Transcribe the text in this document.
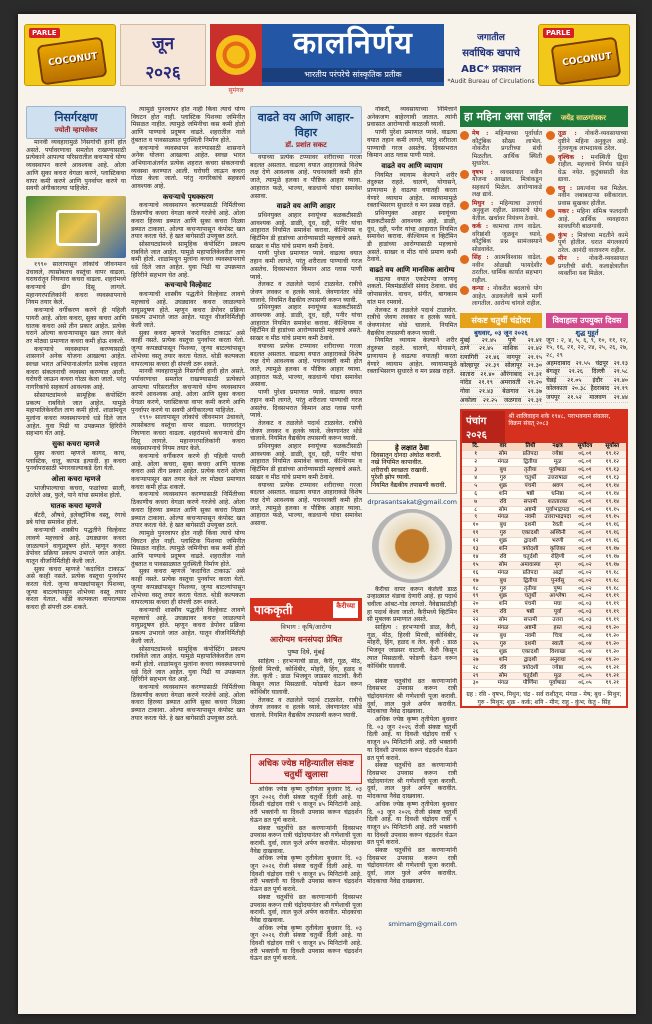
PARLE
COCONUT
जून
२०२६
कालनिर्णय
भारतीय परंपरेचे सांस्कृतिक प्रतीक
सुमंगल
जगातील
सर्वाधिक खपाचे
ABC* प्रकाशन
*Audit Bureau of Circulations
PARLE
COCONUT
निसर्गरक्षण
ज्योती म्हापसेकर

मानवी व्यवहारामुळे निसर्गाची हानी होत असते. पर्यावरणाचा समतोल राखण्यासाठी प्रत्येकाने आपल्या परिसरातील कचऱ्याचे योग्य व्यवस्थापन करणे आवश्यक आहे. ओला आणि सुका कचरा वेगळा करणे, प्लास्टिकचा वापर कमी करणे आणि पुनर्वापर करणे या सवयी अंगीकारल्या पाहिजेत.

१९९० सालापासून लोकांचे जीवनमान उंचावले, त्यासोबतच वस्तूंचा वापर वाढला. घराघरांतून निघणारा कचरा वाढला. शहरांमध्ये कचऱ्याचे ढीग दिसू लागले. महानगरपालिकांनी कचरा व्यवस्थापनाचे नियम तयार केले.

कचऱ्याचे वर्गीकरण करणे ही पहिली पायरी आहे. ओला कचरा, सुका कचरा आणि घातक कचरा असे तीन प्रकार आहेत. प्रत्येक घराने ओल्या कचऱ्यापासून खत तयार केले तर मोठ्या प्रमाणात कचरा कमी होऊ शकतो.

कचऱ्याचे व्यवस्थापन करण्यासाठी शासनाने अनेक योजना आखल्या आहेत. स्वच्छ भारत अभियानाअंतर्गत प्रत्येक शहरात कचरा संकलनाची व्यवस्था करण्यात आली. घरोघरी जाऊन कचरा गोळा केला जातो. परंतु नागरिकांचे सहकार्य आवश्यक आहे.

सोसायट्यांमध्ये सामूहिक कंपोस्टिंग प्रकल्प राबविले जात आहेत. यामुळे महापालिकेवरील ताण कमी होतो. शाळांमधून मुलांना कचरा व्यवस्थापनाचे धडे दिले जात आहेत. युवा पिढी या उपक्रमात हिरिरीने सहभाग घेत आहे.

सुका कचरा म्हणजे

सुका कचरा म्हणजे कागद, काच, प्लास्टिक, धातू, कापड इत्यादी. हा कचरा पुनर्वापरासाठी भंगारवाल्याकडे देता येतो.

ओला कचरा म्हणजे

भाजीपाल्याचा कचरा, फळांच्या साली, उरलेले अन्न, फुले, पाने यांचा समावेश होतो.

घातक कचरा म्हणजे

बॅटरी, औषधे, इलेक्ट्रॉनिक वस्तू, रंगाचे डबे यांचा समावेश होतो.

कचऱ्याची शास्त्रीय पद्धतीने विल्हेवाट लावणे महत्त्वाचे आहे. उघड्यावर कचरा जाळल्याने वायुप्रदूषण होते. म्हणून कचरा डेपोवर प्रक्रिया प्रकल्प उभारले जात आहेत. यातून वीजनिर्मितीही केली जाते.

सुका कचरा म्हणजे 'कदाचित टाकाऊ' असे काही नसते. प्रत्येक वस्तूचा पुनर्वापर करता येतो. जुन्या कपड्यांपासून पिशव्या, जुन्या बाटल्यांपासून शोभेच्या वस्तू तयार करता येतात. थोडी कल्पकता वापरल्यास कचरा ही संपत्ती ठरू शकते.

त्यामुळे पुनरवापर होत नाही किंवा त्याचे योग्य विघटन होत नाही. प्लास्टिक पिशव्या जमिनीत मिसळत नाहीत. त्यामुळे जमिनीचा कस कमी होतो आणि पाण्याचे प्रदूषण वाढते. शहरातील नाले तुंबतात व पावसाळ्यात पूरस्थिती निर्माण होते.

कचऱ्याचे व्यवस्थापन करण्यासाठी शासनाने अनेक योजना आखल्या आहेत. स्वच्छ भारत अभियानाअंतर्गत प्रत्येक शहरात कचरा संकलनाची व्यवस्था करण्यात आली. घरोघरी जाऊन कचरा गोळा केला जातो. परंतु नागरिकांचे सहकार्य आवश्यक आहे.

कचऱ्याचे पृथक्करण

कचऱ्याचे व्यवस्थापन करण्यासाठी निर्मितीच्या ठिकाणीच कचरा वेगळा करणे गरजेचे आहे. ओला कचरा हिरव्या डब्यात आणि सुका कचरा निळ्या डब्यात टाकावा. ओल्या कचऱ्यापासून कंपोस्ट खत तयार करता येते. हे खत बागेसाठी उपयुक्त ठरते.

सोसायट्यांमध्ये सामूहिक कंपोस्टिंग प्रकल्प राबविले जात आहेत. यामुळे महापालिकेवरील ताण कमी होतो. शाळांमधून मुलांना कचरा व्यवस्थापनाचे धडे दिले जात आहेत. युवा पिढी या उपक्रमात हिरिरीने सहभाग घेत आहे.

कचऱ्याचे विल्हेवाट

कचऱ्याची शास्त्रीय पद्धतीने विल्हेवाट लावणे महत्त्वाचे आहे. उघड्यावर कचरा जाळल्याने वायुप्रदूषण होते. म्हणून कचरा डेपोवर प्रक्रिया प्रकल्प उभारले जात आहेत. यातून वीजनिर्मितीही केली जाते.

सुका कचरा म्हणजे 'कदाचित टाकाऊ' असे काही नसते. प्रत्येक वस्तूचा पुनर्वापर करता येतो. जुन्या कपड्यांपासून पिशव्या, जुन्या बाटल्यांपासून शोभेच्या वस्तू तयार करता येतात. थोडी कल्पकता वापरल्यास कचरा ही संपत्ती ठरू शकते.

मानवी व्यवहारामुळे निसर्गाची हानी होत असते. पर्यावरणाचा समतोल राखण्यासाठी प्रत्येकाने आपल्या परिसरातील कचऱ्याचे योग्य व्यवस्थापन करणे आवश्यक आहे. ओला आणि सुका कचरा वेगळा करणे, प्लास्टिकचा वापर कमी करणे आणि पुनर्वापर करणे या सवयी अंगीकारल्या पाहिजेत.

१९९० सालापासून लोकांचे जीवनमान उंचावले, त्यासोबतच वस्तूंचा वापर वाढला. घराघरांतून निघणारा कचरा वाढला. शहरांमध्ये कचऱ्याचे ढीग दिसू लागले. महानगरपालिकांनी कचरा व्यवस्थापनाचे नियम तयार केले.

कचऱ्याचे वर्गीकरण करणे ही पहिली पायरी आहे. ओला कचरा, सुका कचरा आणि घातक कचरा असे तीन प्रकार आहेत. प्रत्येक घराने ओल्या कचऱ्यापासून खत तयार केले तर मोठ्या प्रमाणात कचरा कमी होऊ शकतो.

कचऱ्याचे व्यवस्थापन करण्यासाठी निर्मितीच्या ठिकाणीच कचरा वेगळा करणे गरजेचे आहे. ओला कचरा हिरव्या डब्यात आणि सुका कचरा निळ्या डब्यात टाकावा. ओल्या कचऱ्यापासून कंपोस्ट खत तयार करता येते. हे खत बागेसाठी उपयुक्त ठरते.

त्यामुळे पुनरवापर होत नाही किंवा त्याचे योग्य विघटन होत नाही. प्लास्टिक पिशव्या जमिनीत मिसळत नाहीत. त्यामुळे जमिनीचा कस कमी होतो आणि पाण्याचे प्रदूषण वाढते. शहरातील नाले तुंबतात व पावसाळ्यात पूरस्थिती निर्माण होते.

सुका कचरा म्हणजे 'कदाचित टाकाऊ' असे काही नसते. प्रत्येक वस्तूचा पुनर्वापर करता येतो. जुन्या कपड्यांपासून पिशव्या, जुन्या बाटल्यांपासून शोभेच्या वस्तू तयार करता येतात. थोडी कल्पकता वापरल्यास कचरा ही संपत्ती ठरू शकते.

कचऱ्याची शास्त्रीय पद्धतीने विल्हेवाट लावणे महत्त्वाचे आहे. उघड्यावर कचरा जाळल्याने वायुप्रदूषण होते. म्हणून कचरा डेपोवर प्रक्रिया प्रकल्प उभारले जात आहेत. यातून वीजनिर्मितीही केली जाते.

सोसायट्यांमध्ये सामूहिक कंपोस्टिंग प्रकल्प राबविले जात आहेत. यामुळे महापालिकेवरील ताण कमी होतो. शाळांमधून मुलांना कचरा व्यवस्थापनाचे धडे दिले जात आहेत. युवा पिढी या उपक्रमात हिरिरीने सहभाग घेत आहे.

कचऱ्याचे व्यवस्थापन करण्यासाठी निर्मितीच्या ठिकाणीच कचरा वेगळा करणे गरजेचे आहे. ओला कचरा हिरव्या डब्यात आणि सुका कचरा निळ्या डब्यात टाकावा. ओल्या कचऱ्यापासून कंपोस्ट खत तयार करता येते. हे खत बागेसाठी उपयुक्त ठरते.

वाढते वय आणि आहार-विहार
डॉ. प्रशांत सकट

वयाच्या प्रत्येक टप्प्यावर शरीराच्या गरजा बदलत असतात. वाढत्या वयात आहाराकडे विशेष लक्ष देणे आवश्यक आहे. पचनशक्ती कमी होत जाते, त्यामुळे हलका व पौष्टिक आहार घ्यावा. आहारात फळे, भाज्या, कडधान्ये यांचा समावेश असावा.

वाढते वय आणि आहार

प्रथिनयुक्त आहार स्नायूंच्या बळकटीसाठी आवश्यक आहे. डाळी, दूध, दही, पनीर यांचा आहारात नियमित समावेश करावा. कॅल्शियम व व्हिटॅमिन डी हाडांच्या आरोग्यासाठी महत्त्वाचे असते. साखर व मीठ यांचे प्रमाण कमी ठेवावे.

पाणी पुरेशा प्रमाणात प्यावे. वाढत्या वयात तहान कमी लागते, परंतु शरीराला पाण्याची गरज असतेच. दिवसभरात किमान आठ ग्लास पाणी प्यावे.

तेलकट व तळलेले पदार्थ टाळावेत. रात्रीचे जेवण लवकर व हलके घ्यावे. जेवणानंतर थोडे चालावे. नियमित वैद्यकीय तपासणी करून घ्यावी.

प्रथिनयुक्त आहार स्नायूंच्या बळकटीसाठी आवश्यक आहे. डाळी, दूध, दही, पनीर यांचा आहारात नियमित समावेश करावा. कॅल्शियम व व्हिटॅमिन डी हाडांच्या आरोग्यासाठी महत्त्वाचे असते. साखर व मीठ यांचे प्रमाण कमी ठेवावे.

वयाच्या प्रत्येक टप्प्यावर शरीराच्या गरजा बदलत असतात. वाढत्या वयात आहाराकडे विशेष लक्ष देणे आवश्यक आहे. पचनशक्ती कमी होत जाते, त्यामुळे हलका व पौष्टिक आहार घ्यावा. आहारात फळे, भाज्या, कडधान्ये यांचा समावेश असावा.

पाणी पुरेशा प्रमाणात प्यावे. वाढत्या वयात तहान कमी लागते, परंतु शरीराला पाण्याची गरज असतेच. दिवसभरात किमान आठ ग्लास पाणी प्यावे.

तेलकट व तळलेले पदार्थ टाळावेत. रात्रीचे जेवण लवकर व हलके घ्यावे. जेवणानंतर थोडे चालावे. नियमित वैद्यकीय तपासणी करून घ्यावी.

प्रथिनयुक्त आहार स्नायूंच्या बळकटीसाठी आवश्यक आहे. डाळी, दूध, दही, पनीर यांचा आहारात नियमित समावेश करावा. कॅल्शियम व व्हिटॅमिन डी हाडांच्या आरोग्यासाठी महत्त्वाचे असते. साखर व मीठ यांचे प्रमाण कमी ठेवावे.

वयाच्या प्रत्येक टप्प्यावर शरीराच्या गरजा बदलत असतात. वाढत्या वयात आहाराकडे विशेष लक्ष देणे आवश्यक आहे. पचनशक्ती कमी होत जाते, त्यामुळे हलका व पौष्टिक आहार घ्यावा. आहारात फळे, भाज्या, कडधान्ये यांचा समावेश असावा.

पाककृती	कैरीच्या
विभाग : कृषि/आरोग्य
आरोग्यम धनसंपदा प्रेषित
पुष्पा दिघे, मुंबई

साहित्य : हरभऱ्याची डाळ, कैरी, गूळ, मीठ, हिरवी मिरची, कोथिंबीर, मोहरी, हिंग, हळद व तेल. कृती : डाळ भिजवून जाडसर वाटावी. कैरी किसून त्यात मिसळावी. फोडणी देऊन वरून कोथिंबीर घालावी.

तेलकट व तळलेले पदार्थ टाळावेत. रात्रीचे जेवण लवकर व हलके घ्यावे. जेवणानंतर थोडे चालावे. नियमित वैद्यकीय तपासणी करून घ्यावी.

अधिक ज्येष्ठ महिन्यातील संकष्ट चतुर्थी खुलासा

अधिक ज्येष्ठ कृष्ण तृतीयेला बुधवार दि. ०३ जून २०२६ रोजी संकष्ट चतुर्थी दिली आहे. या दिवशी चंद्रोदय रात्री ९ वाजून ४५ मिनिटांनी आहे. तरी भक्तांनी या दिवशी उपवास करून चंद्रदर्शन घेऊन व्रत पूर्ण करावे.

संकष्ट चतुर्थीचे व्रत करणाऱ्यांनी दिवसभर उपवास करून रात्री चंद्रोदयानंतर श्री गणेशाची पूजा करावी. दुर्वा, लाल फुले अर्पण करावीत. मोदकाचा नैवेद्य दाखवावा.

अधिक ज्येष्ठ कृष्ण तृतीयेला बुधवार दि. ०३ जून २०२६ रोजी संकष्ट चतुर्थी दिली आहे. या दिवशी चंद्रोदय रात्री ९ वाजून ४५ मिनिटांनी आहे. तरी भक्तांनी या दिवशी उपवास करून चंद्रदर्शन घेऊन व्रत पूर्ण करावे.

संकष्ट चतुर्थीचे व्रत करणाऱ्यांनी दिवसभर उपवास करून रात्री चंद्रोदयानंतर श्री गणेशाची पूजा करावी. दुर्वा, लाल फुले अर्पण करावीत. मोदकाचा नैवेद्य दाखवावा.

अधिक ज्येष्ठ कृष्ण तृतीयेला बुधवार दि. ०३ जून २०२६ रोजी संकष्ट चतुर्थी दिली आहे. या दिवशी चंद्रोदय रात्री ९ वाजून ४५ मिनिटांनी आहे. तरी भक्तांनी या दिवशी उपवास करून चंद्रदर्शन घेऊन व्रत पूर्ण करावे.

नोकरी, व्यवसायाच्या निमित्ताने अनेकजण बाहेरगावी जातात. त्यांनी प्रवासात आरोग्याची काळजी घ्यावी.

पाणी पुरेशा प्रमाणात प्यावे. वाढत्या वयात तहान कमी लागते, परंतु शरीराला पाण्याची गरज असतेच. दिवसभरात किमान आठ ग्लास पाणी प्यावे.

वाढते वय आणि व्यायाम

नियमित व्यायाम केल्याने शरीर तंदुरुस्त राहते. चालणे, योगासने, प्राणायाम हे वाढत्या वयातही करता येणारे व्यायाम आहेत. व्यायामामुळे रक्ताभिसरण सुधारते व मन प्रसन्न राहते.

प्रथिनयुक्त आहार स्नायूंच्या बळकटीसाठी आवश्यक आहे. डाळी, दूध, दही, पनीर यांचा आहारात नियमित समावेश करावा. कॅल्शियम व व्हिटॅमिन डी हाडांच्या आरोग्यासाठी महत्त्वाचे असते. साखर व मीठ यांचे प्रमाण कमी ठेवावे.

वाढते वय आणि मानसिक आरोग्य

वाढत्या वयात एकटेपणा जाणवू शकतो. मित्रमंडळींशी संवाद ठेवावा. छंद जोपासावेत. वाचन, संगीत, बागकाम यांत मन रमवावे.

तेलकट व तळलेले पदार्थ टाळावेत. रात्रीचे जेवण लवकर व हलके घ्यावे. जेवणानंतर थोडे चालावे. नियमित वैद्यकीय तपासणी करून घ्यावी.

नियमित व्यायाम केल्याने शरीर तंदुरुस्त राहते. चालणे, योगासने, प्राणायाम हे वाढत्या वयातही करता येणारे व्यायाम आहेत. व्यायामामुळे रक्ताभिसरण सुधारते व मन प्रसन्न राहते.

हे लक्षात ठेवा
दिवसातून दोनदा अंघोळ करावी.
नखे नियमित कापावीत.
शरीराची स्वच्छता राखावी.
पुरेशी झोप घ्यावी.
नियमित वैद्यकीय तपासणी करावी.
drprasantsakat@gmail.com

कैरीचा वापर करून केलेली डाळ उन्हाळ्यात थंडावा देणारी आहे. हा पदार्थ चवीला आंबट-गोड लागतो. नैवेद्यासाठीही हा पदार्थ केला जातो. कैरीमध्ये व्हिटॅमिन सी मुबलक प्रमाणात असते.

साहित्य : हरभऱ्याची डाळ, कैरी, गूळ, मीठ, हिरवी मिरची, कोथिंबीर, मोहरी, हिंग, हळद व तेल. कृती : डाळ भिजवून जाडसर वाटावी. कैरी किसून त्यात मिसळावी. फोडणी देऊन वरून कोथिंबीर घालावी.

संकष्ट चतुर्थीचे व्रत करणाऱ्यांनी दिवसभर उपवास करून रात्री चंद्रोदयानंतर श्री गणेशाची पूजा करावी. दुर्वा, लाल फुले अर्पण करावीत. मोदकाचा नैवेद्य दाखवावा.

अधिक ज्येष्ठ कृष्ण तृतीयेला बुधवार दि. ०३ जून २०२६ रोजी संकष्ट चतुर्थी दिली आहे. या दिवशी चंद्रोदय रात्री ९ वाजून ४५ मिनिटांनी आहे. तरी भक्तांनी या दिवशी उपवास करून चंद्रदर्शन घेऊन व्रत पूर्ण करावे.

संकष्ट चतुर्थीचे व्रत करणाऱ्यांनी दिवसभर उपवास करून रात्री चंद्रोदयानंतर श्री गणेशाची पूजा करावी. दुर्वा, लाल फुले अर्पण करावीत. मोदकाचा नैवेद्य दाखवावा.

अधिक ज्येष्ठ कृष्ण तृतीयेला बुधवार दि. ०३ जून २०२६ रोजी संकष्ट चतुर्थी दिली आहे. या दिवशी चंद्रोदय रात्री ९ वाजून ४५ मिनिटांनी आहे. तरी भक्तांनी या दिवशी उपवास करून चंद्रदर्शन घेऊन व्रत पूर्ण करावे.

संकष्ट चतुर्थीचे व्रत करणाऱ्यांनी दिवसभर उपवास करून रात्री चंद्रोदयानंतर श्री गणेशाची पूजा करावी. दुर्वा, लाल फुले अर्पण करावीत. मोदकाचा नैवेद्य दाखवावा.

smimam@gmail.com
हा महिना असा जाईल जयेंद्र साळगांवकर
मेष : महिन्याच्या पूर्वार्धात कौटुंबिक सौख्य लाभेल. नोकरीत प्रगतीच्या संधी मिळतील. आर्थिक स्थिती सुधारेल.
वृषभ : व्यवसायात नवीन योजना आखाल. मित्रांकडून सहकार्य मिळेल. आरोग्याकडे लक्ष द्यावे.
मिथुन : महिन्याचा उत्तरार्ध अनुकूल राहील. प्रवासाचे योग येतील. खर्चावर नियंत्रण ठेवावे.
कर्क : कामाचा ताण वाढेल. वरिष्ठांशी जुळवून घ्यावे. कौटुंबिक प्रश्न सामंजस्याने सोडवावेत.
सिंह : आत्मविश्वास वाढेल. नवीन ओळखी फायदेशीर ठरतील. धार्मिक कार्यात सहभाग राहील.
कन्या : नोकरीत बदलाचे योग आहेत. अडकलेली कामे मार्गी लागतील. आरोग्य चांगले राहील.
तूळ : नोकरी-व्यवसायाच्या दृष्टीने महिना अनुकूल आहे. गुंतवणूक लाभदायक ठरेल.
वृश्चिक : मनस्थिती द्विधा राहील. महत्त्वाचे निर्णय घाईने घेऊ नयेत. कुटुंबासाठी वेळ द्यावा.
धनु : प्रयत्नांना यश मिळेल. नवीन जबाबदाऱ्या स्वीकाराल. प्रवास सुखकर होतील.
मकर : महिना संमिश्र फलदायी आहे. आर्थिक व्यवहारात सावधगिरी बाळगावी.
कुंभ : मित्रांच्या मदतीने कामे पूर्ण होतील. घरात मंगलकार्य ठरेल. आनंदी वातावरण राहील.
मीन : नोकरी-व्यवसायात प्रगतीची संधी. कलाक्षेत्रातील व्यक्तींना यश मिळेल.
संकष्ट चतुर्थी चंद्रोदय
बुधवार, ०३ जून २०२६
मुंबई २१.४५ पुणे २१.४१
ठाणे २१.४५ नाशिक २१.४२
रत्नागिरी २१.४६ नागपूर २१.१५
कोल्हापूर २१.३९ सोलापूर २१.३०
सातारा २१.४० औरंगाबाद २१.३१
नांदेड २१.१९ अमरावती २१.२०
गोवा २१.४३ बेळगाव २१.३७
अकोला २१.२५ जळगाव २१.३१
विवाहास उपयुक्त दिवस
शुद्ध मुहूर्त
जून : २, ४, ५, ६, ९, १०, ११, १२, १५, १६, २१, २२, २४, २५, २६, २७, २८, २९
अहमदाबाद २१.५५ चंद्रपूर २१.१३
बंगळूर २१.२६ दिल्ली २१.५८
चेन्नई २१.०५ इंदौर २१.४०
कोलकाता २०.३८ हैदराबाद २१.१९
जयपूर २१.५२ मालवण २१.४४
पंचांग २०२६
श्री शालिवाहन शके १९४८, पराभवनाम संवत्सर, विक्रम संवत् २०८३
दि.	वार	तिथी	नक्षत्र	सूर्योदय	सूर्यास्त
१	सोम	प्रतिपदा	ज्येष्ठा	०६.०१	१९.१२
२	मंगळ	द्वितीया	मूळ	०६.०१	१९.१२
३	बुध	तृतीया	पूर्वाषाढा	०६.०१	१९.१३
४	गुरु	चतुर्थी	उत्तराषाढा	०६.०१	१९.१३
५	शुक्र	पंचमी	श्रवण	०६.०१	१९.१४
६	शनि	षष्ठी	धनिष्ठा	०६.०१	१९.१४
७	रवि	सप्तमी	शततारका	०६.०१	१९.१४
८	सोम	अष्टमी	पूर्वाभाद्रपदा	०६.०१	१९.१५
९	मंगळ	नवमी	उत्तराभाद्रपदा	०६.०१	१९.१५
१०	बुध	दशमी	रेवती	०६.०१	१९.१६
११	गुरु	एकादशी	अश्विनी	०६.०१	१९.१६
१२	शुक्र	द्वादशी	भरणी	०६.०१	१९.१६
१३	शनि	त्रयोदशी	कृत्तिका	०६.०१	१९.१७
१४	रवि	चतुर्दशी	रोहिणी	०६.०१	१९.१७
१५	सोम	अमावास्या	मृग	०६.०२	१९.१७
१६	मंगळ	प्रतिपदा	आर्द्रा	०६.०२	१९.१८
१७	बुध	द्वितीया	पुनर्वसू	०६.०२	१९.१८
१८	गुरु	तृतीया	पुष्य	०६.०२	१९.१८
१९	शुक्र	चतुर्थी	आश्लेषा	०६.०२	१९.१९
२०	शनि	पंचमी	मघा	०६.०३	१९.१९
२१	रवि	षष्ठी	पूर्वा	०६.०३	१९.१९
२२	सोम	सप्तमी	उत्तरा	०६.०३	१९.१९
२३	मंगळ	अष्टमी	हस्त	०६.०३	१९.२०
२४	बुध	नवमी	चित्रा	०६.०४	१९.२०
२५	गुरु	दशमी	स्वाती	०६.०४	१९.२०
२६	शुक्र	एकादशी	विशाखा	०६.०४	१९.२०
२७	शनि	द्वादशी	अनुराधा	०६.०४	१९.२०
२८	रवि	त्रयोदशी	ज्येष्ठा	०६.०५	१९.२१
२९	सोम	चतुर्दशी	मूळ	०६.०५	१९.२१
३०	मंगळ	पौर्णिमा	पूर्वाषाढा	०६.०५	१९.२१
ग्रह : रवि - वृषभ, मिथुन; चंद्र - सर्व राशीतून; मंगळ - मेष; बुध - मिथुन; गुरु - मिथुन; शुक्र - कर्क; शनि - मीन; राहु - कुंभ; केतु - सिंह
